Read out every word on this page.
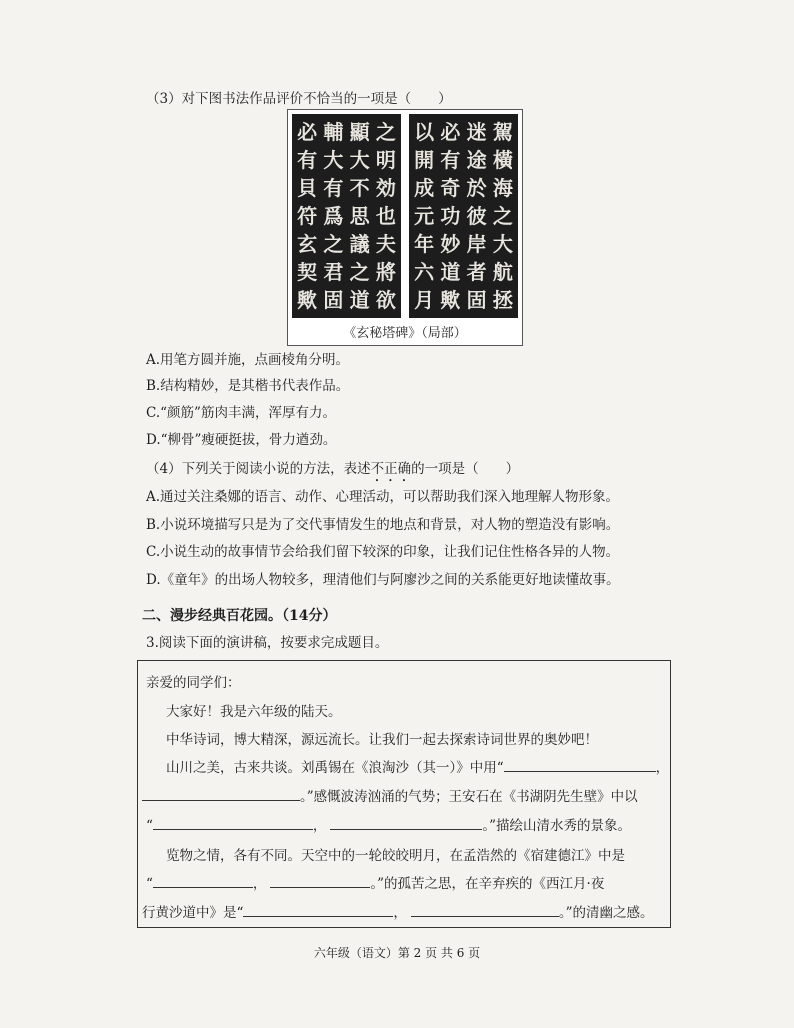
（3）对下图书法作品评价不恰当的一项是（　　）
之
明
効
也
夫
將
欲
顯
大
不
思
議
之
道
輔
大
有
爲
之
君
固
必
有
貝
符
玄
契
歟
駕
橫
海
之
大
航
拯
迷
途
於
彼
岸
者
固
必
有
奇
功
妙
道
歟
以
開
成
元
年
六
月
《玄秘塔碑》（局部）
A.用笔方圆并施，点画棱角分明。
B.结构精妙，是其楷书代表作品。
C.“颜筋”筋肉丰满，浑厚有力。
D.“柳骨”瘦硬挺拔，骨力遒劲。
（4）下列关于阅读小说的方法，表述不正确的一项是（　　）
A.通过关注桑娜的语言、动作、心理活动，可以帮助我们深入地理解人物形象。
B.小说环境描写只是为了交代事情发生的地点和背景，对人物的塑造没有影响。
C.小说生动的故事情节会给我们留下较深的印象，让我们记住性格各异的人物。
D.《童年》的出场人物较多，理清他们与阿廖沙之间的关系能更好地读懂故事。
二、漫步经典百花园。（14分）
3.阅读下面的演讲稿，按要求完成题目。
亲爱的同学们：
大家好！我是六年级的陆天。
中华诗词，博大精深，源远流长。让我们一起去探索诗词世界的奥妙吧！
山川之美，古来共谈。刘禹锡在《浪淘沙（其一）》中用“	，
。”感慨波涛汹涌的气势；王安石在《书湖阴先生壁》中以
“	，	。”描绘山清水秀的景象。
览物之情，各有不同。天空中的一轮皎皎明月，在孟浩然的《宿建德江》中是
“	，	。”的孤苦之思，在辛弃疾的《西江月·夜
行黄沙道中》是“	，	。”的清幽之感。
六年级（语文）第 2 页 共 6 页
